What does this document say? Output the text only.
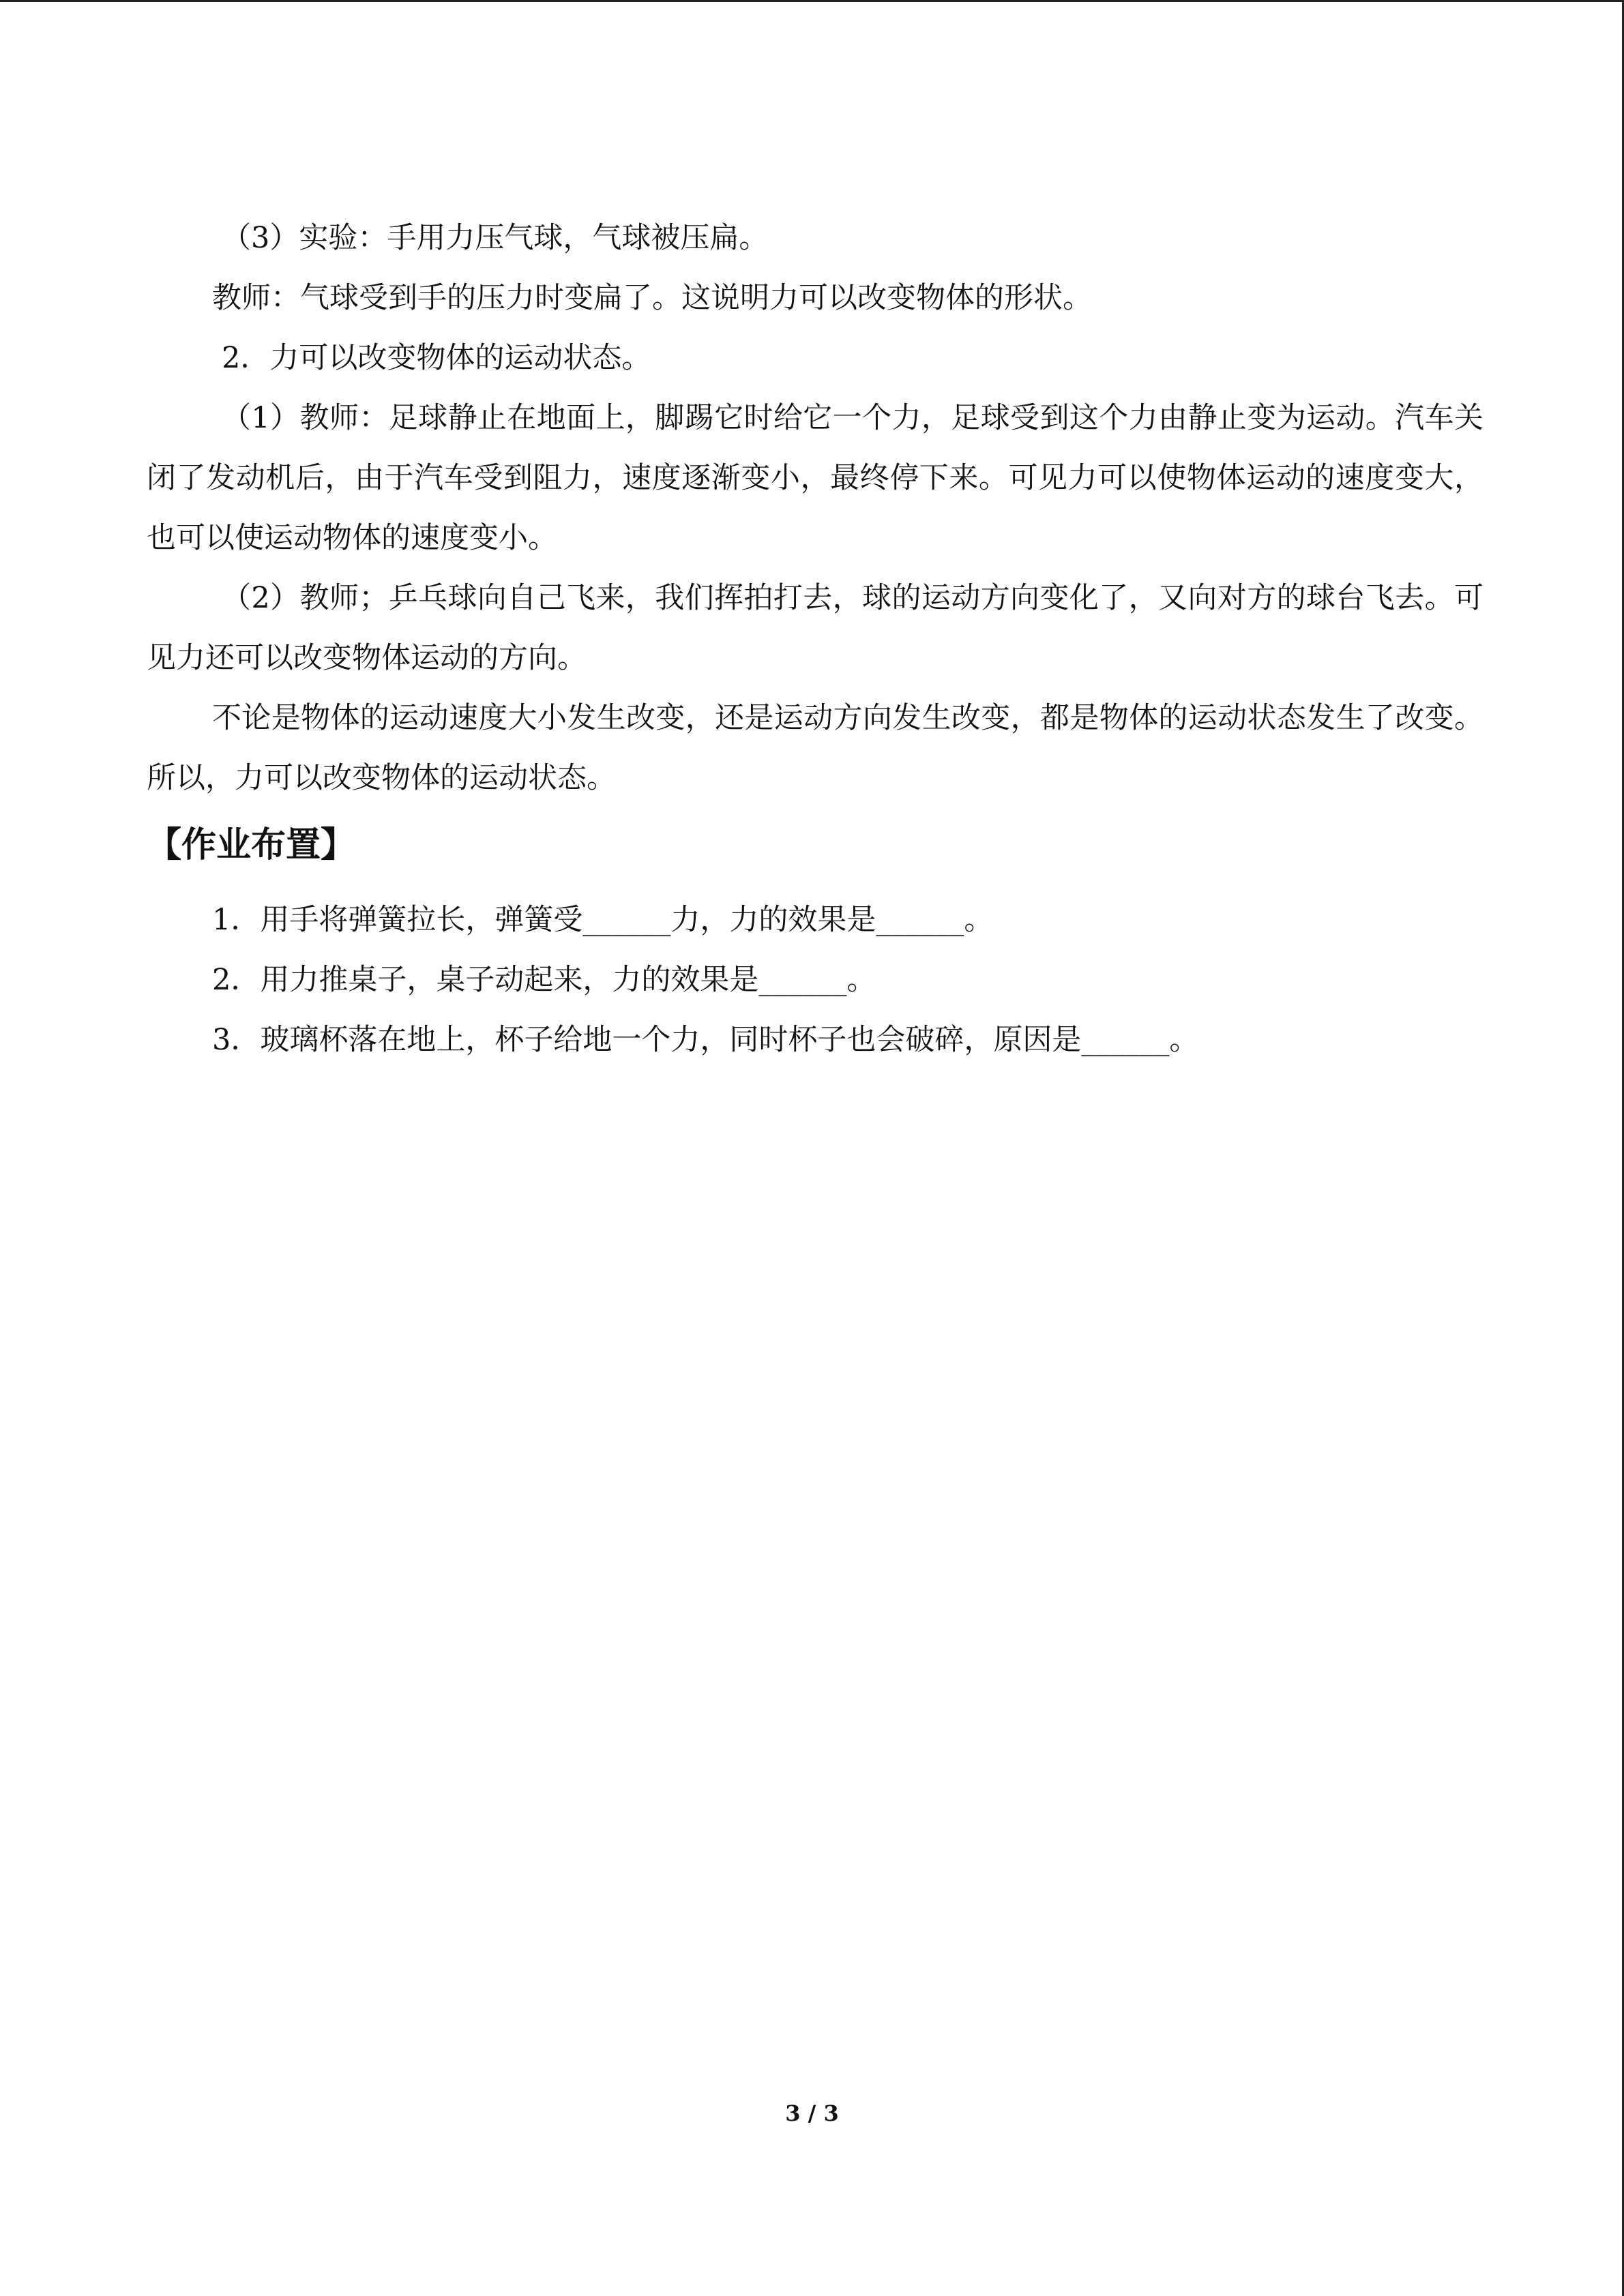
（3）实验：手用力压气球，气球被压扁。

教师：气球受到手的压力时变扁了。这说明力可以改变物体的形状。

2．力可以改变物体的运动状态。

（1）教师：足球静止在地面上，脚踢它时给它一个力，足球受到这个力由静止变为运动。汽车关闭了发动机后，由于汽车受到阻力，速度逐渐变小，最终停下来。可见力可以使物体运动的速度变大，也可以使运动物体的速度变小。

（2）教师；乒乓球向自己飞来，我们挥拍打去，球的运动方向变化了，又向对方的球台飞去。可见力还可以改变物体运动的方向。

不论是物体的运动速度大小发生改变，还是运动方向发生改变，都是物体的运动状态发生了改变。所以，力可以改变物体的运动状态。

【作业布置】

1．用手将弹簧拉长，弹簧受______力，力的效果是______。

2．用力推桌子，桌子动起来，力的效果是______。

3．玻璃杯落在地上，杯子给地一个力，同时杯子也会破碎，原因是______。

3 / 3
